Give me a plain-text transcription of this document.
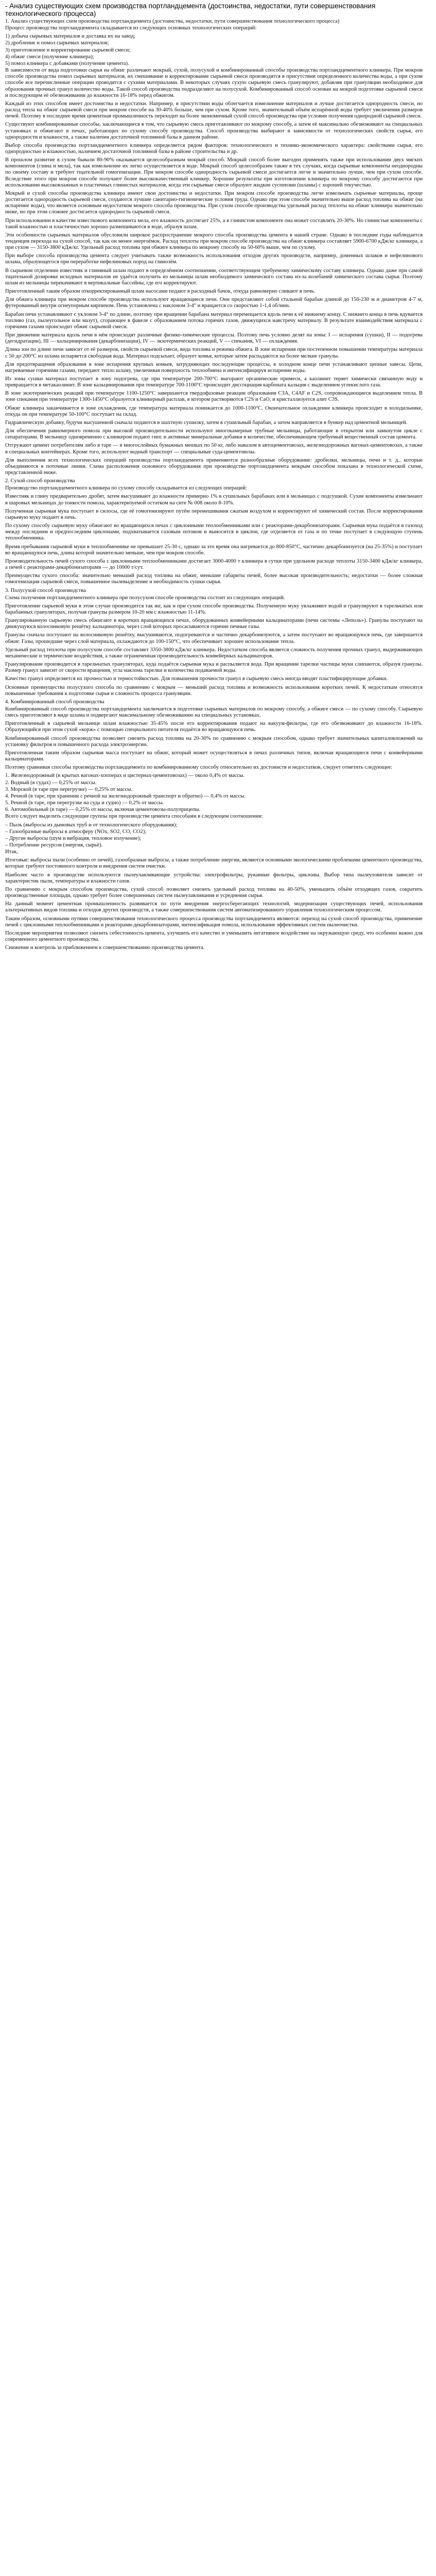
- Анализ существующих схем производства портландцемента (достоинства, недостатки, пути совершенствования технологического процесса)
1. Анализ существующих схем производства портландцемента (достоинства, недостатки, пути совершенствования технологического процесса)
Процесс производства портландцемента складывается из следующих основных технологических операций:
1) добыча сырьевых материалов и доставка их на завод;
2) дробление и помол сырьевых материалов;
3) приготовление и корректирование сырьевой смеси;
4) обжиг смеси (получение клинкера);
5) помол клинкера с добавками (получение цемента).
В зависимости от вида подготовки сырья на обжиг различают мокрый, сухой, полусухой и комбинированный способы производства портландцементного клинкера. При мокром способе производства помол сырьевых материалов, их смешивание и корректирование сырьевой смеси производятся в присутствии определенного количества воды, а при сухом способе все перечисленные операции проводятся с сухими материалами. В некоторых случаях сухую сырьевую смесь гранулируют, добавляя при грануляции необходимое для образования прочных гранул количество воды. Такой способ производства подразделяют на полусухой. Комбинированный способ основан на мокрой подготовке сырьевой смеси и последующем её обезвоживании до влажности 16-18% перед обжигом.
Каждый из этих способов имеет достоинства и недостатки. Например, в присутствии воды облегчается измельчение материалов и лучше достигается однородность смеси, но расход тепла на обжиг сырьевой смеси при мокром способе на 30-40% больше, чем при сухом. Кроме того, значительный объём испарённой воды требует увеличения размеров печей. Поэтому в последнее время цементная промышленность переходит на более экономичный сухой способ производства при условии получения однородной сырьевой смеси.
Существуют комбинированные способы, заключающиеся в том, что сырьевую смесь приготавливают по мокрому способу, а затем её максимально обезвоживают на специальных установках и обжигают в печах, работающих по сухому способу производства. Способ производства выбирают в зависимости от технологических свойств сырья, его однородности и влажности, а также наличия достаточной топливной базы в данном районе.
Выбор способа производства портландцементного клинкера определяется рядом факторов: технологического и технико-экономического характера: свойствами сырья, его однородностью и влажностью, наличием достаточной топливной базы в районе строительства и др.
В прошлом развитие в сухом бывали 80-90% оказывается целесообразным мокрый способ. Мокрый способ более выгоден применять также при использовании двух мягких компонентов (глина и мела), так как измельчение их легко осуществляется в воде. Мокрый способ целесообразен также в тех случаях, когда сырьевые компоненты неоднородны по своему составу и требуют тщательной гомогенизации. При мокром способе однородность сырьевой смеси достигается легче и значительно лучше, чем при сухом способе. Вследствие этого при мокром способе получают более высококачественный клинкер. Хорошие результаты при изготовлении клинкера по мокрому способу достигаются при использовании высоковлажных и пластичных глинистых материалов, когда эти сырьевые смеси образуют жидкие суспензии (шламы) с хорошей текучестью.
Мокрый и сухой способы производства клинкера имеют свои достоинства и недостатки. При мокром способе производства легче измельчать сырьевые материалы, проще достигается однородность сырьевой смеси, создаются лучшие санитарно-гигиенические условия труда. Однако при этом способе значительно выше расход топлива на обжиг (на испарение воды), что является основным недостатком мокрого способа производства. При сухом способе производства удельный расход теплоты на обжиг клинкера значительно ниже, но при этом сложнее достигается однородность сырьевой смеси.
При использовании в качестве известкового компонента мела, его влажность достигает 25%, а в глинистом компоненте она может составлять 20-30%. Но глинистые компоненты с такой влажностью и пластичностью хорошо размешиваются в воде, образуя шлам.
Эти особенности сырьевых материалов обусловили широкое распространение мокрого способа производства цемента в нашей стране. Однако в последние годы наблюдается тенденция перехода на сухой способ, так как он менее энергоёмок. Расход теплоты при мокром способе производства на обжиг клинкера составляет 5900-6700 кДж/кг клинкера, а при сухом — 3150-3800 кДж/кг. Удельный расход топлива при обжиге клинкера по мокрому способу на 50-60% выше, чем по сухому.
При выборе способа производства цемента следует учитывать также возможность использования отходов других производств, например, доменных шлаков и нефелинового шлама, образующегося при переработке нефелиновых пород на глинозём.
В сырьевом отделении известняк и глиняный шлам подают в определённом соотношении, соответствующем требуемому химическому составу клинкера. Однако даже при самой тщательной дозировке исходных материалов не удаётся получить из мельницы шлам необходимого химического состава из-за колебаний химического состава сырья. Поэтому шлам из мельницы перекачивают в вертикальные бассейны, где его корректируют.
Приготовленный таким образом откорректированный шлам насосами подают в расходный бачок, откуда равномерно сливают в печь.
Для обжига клинкера при мокром способе производства используют вращающиеся печи. Они представляют собой стальной барабан длиной до 150-230 м и диаметром 4-7 м, футерованный внутри огнеупорным кирпичом. Печь установлена с наклоном 3-4° и вращается со скоростью 1-1,4 об/мин.
Барабан печи устанавливают с уклоном 3-4° по длине, поэтому при вращении барабана материал перемещается вдоль печи к её нижнему концу. С нижнего конца в печь вдувается топливо (газ, пылеугольное или мазут), сгорающее в факеле с образованием потока горячих газов, движущихся навстречу материалу. В результате взаимодействия материала с горячими газами происходит обжиг сырьевой смеси.
При движении материала вдоль печи в нём происходят различные физико-химические процессы. Поэтому печь условно делят на зоны: I — испарения (сушки), II — подогрева (дегидратации), III — кальцинирования (декарбонизации), IV — экзотермических реакций, V — спекания, VI — охлаждения.
Длина зон по длине печи зависит от её размеров, свойств сырьевой смеси, вида топлива и режима обжига. В зоне испарения при постепенном повышении температуры материала с 50 до 200°С из шлама испаряется свободная вода. Материал подсыхает, образует комья, которые затем распадаются на более мелкие гранулы.
Для предотвращения образования в зоне испарения крупных комьев, затрудняющих последующие процессы, в холодном конце печи устанавливают цепные завесы. Цепи, нагреваемые горячими газами, передают тепло шламу, увеличивая поверхность теплообмена и интенсифицируя испарение воды.
Из зоны сушки материал поступает в зону подогрева, где при температуре 200-700°С выгорают органические примеси, а каолинит теряет химически связанную воду и превращается в метакаолинит. В зоне кальцинирования при температуре 700-1100°С происходит диссоциация карбоната кальция с выделением углекислого газа.
В зоне экзотермических реакций при температуре 1100-1250°С завершаются твердофазовые реакции образования C3A, C4AF и C2S, сопровождающиеся выделением тепла. В зоне спекания при температуре 1300-1450°С образуется клинкерный расплав, в котором растворяются C2S и CaO, и кристаллизуется алит C3S.
Обжиг клинкера заканчивается в зоне охлаждения, где температура материала понижается до 1000-1100°С. Окончательное охлаждение клинкера происходит в холодильнике, откуда он при температуре 50-100°С поступает на склад.
Гидравлическую добавку, будучи высушенной сначала подаются в шахтную сушилку, затем в сушильный барабан, а затем направляется в бункер над цементной мельницей.
Для обеспечения равномерного помола при высокой производительности используют многокамерные трубные мельницы, работающие в открытом или замкнутом цикле с сепараторами. В мельницу одновременно с клинкером подают гипс и активные минеральные добавки в количестве, обеспечивающем требуемый вещественный состав цемента.
Отгружают цемент потребителям либо в таре — в многослойных бумажных мешках по 50 кг, либо навалом в автоцементовозах, железнодорожных вагонах-цементовозах, а также в специальных контейнерах. Кроме того, используют водный транспорт — специальные суда-цементовозы.
Для выполнения всех технологических операций производства портландцемента применяются разнообразные оборудование: дробилки, мельницы, печи и т. д., которые объединяются в поточные линии. Схема расположения основного оборудования при производстве портландцемента мокрым способом показана в технологической схеме, представленной ниже.
2. Сухой способ производства
Производство портландцементного клинкера по сухому способу складывается из следующих операций:
Известняк и глину предварительно дробят, затем высушивают до влажности примерно 1% в сушильных барабанах или в мельницах с подсушкой. Сухие компоненты измельчают в шаровых мельницах до тонкости помола, характеризуемой остатком на сите № 008 около 8-10%.
Полученная сырьевая мука поступает в силосы, где её гомогенизируют путём перемешивания сжатым воздухом и корректируют её химический состав. После корректирования сырьевую муку подают в печь.
По сухому способу сырьевую муку обжигают во вращающихся печах с циклонными теплообменниками или с реакторами-декарбонизаторами. Сырьевая мука подаётся в газоход между последним и предпоследним циклонами, подхватывается газовым потоком и выносится в циклон, где отделяется от газа и по течке поступает в следующую ступень теплообменника.
Время пребывания сырьевой муки в теплообменнике не превышает 25-30 с, однако за это время она нагревается до 800-850°С, частично декарбонизуется (на 25-35%) и поступает во вращающуюся печь, длина которой значительно меньше, чем при мокром способе.
Производительность печей сухого способа с циклонными теплообменниками достигает 3000-4000 т клинкера в сутки при удельном расходе теплоты 3150-3400 кДж/кг клинкера, а печей с реакторами-декарбонизаторами — до 10000 т/сут.
Преимущества сухого способа: значительно меньший расход топлива на обжиг, меньшие габариты печей, более высокая производительность; недостатки — более сложная гомогенизация сырьевой смеси, повышенное пылевыделение и необходимость сушки сырья.
3. Полусухой способ производства
Схема получения портландцементного клинкера при полусухом способе производства состоит из следующих операций.
Приготовление сырьевой муки в этом случае производится так же, как и при сухом способе производства. Полученную муку увлажняют водой и гранулируют в тарельчатых или барабанных грануляторах, получая гранулы размером 10-20 мм с влажностью 11-14%.
Гранулированную сырьевую смесь обжигают в коротких вращающихся печах, оборудованных конвейерными кальцинаторами (печи системы «Леполь»). Гранулы поступают на движущуюся колосниковую решётку кальцинатора, через слой которых просасываются горячие печные газы.
Гранулы сначала поступают на колосниковую решётку, высушиваются, подогреваются и частично декарбонизуются, а затем поступают во вращающуюся печь, где завершается обжиг. Газы, прошедшие через слой материала, охлаждаются до 100-150°С, что обеспечивает хорошее использование тепла.
Удельный расход теплоты при полусухом способе составляет 3350-3800 кДж/кг клинкера. Недостатком способа является сложность получения прочных гранул, выдерживающих механические и термические воздействия, а также ограниченная производительность конвейерных кальцинаторов.
Гранулирование производится в тарельчатых грануляторах, куда подаётся сырьевая мука и распыляется вода. При вращении тарелки частицы муки слипаются, образуя гранулы. Размер гранул зависит от скорости вращения, угла наклона тарелки и количества подаваемой воды.
Качество гранул определяется их прочностью и термостойкостью. Для повышения прочности гранул в сырьевую смесь иногда вводят пластифицирующие добавки.
Основные преимущества полусухого способа по сравнению с мокрым — меньший расход топлива и возможность использования коротких печей. К недостаткам относятся повышенные требования к подготовке сырья и сложность процесса грануляции.
4. Комбинированный способ производства
Комбинированный способ производства портландцемента заключается в подготовке сырьевых материалов по мокрому способу, а обжиге смеси — по сухому способу. Сырьевую смесь приготовляют в виде шлама и подвергают максимальному обезвоживанию на специальных установках.
Приготовленный в сырьевой мельнице шлам влажностью 35-45% после его корректирования подают на вакуум-фильтры, где его обезвоживают до влажности 16-18%. Образующийся при этом сухой «корж» с помощью специального питателя подаётся во вращающуюся печь.
Комбинированный способ производства позволяет снизить расход топлива на 20-30% по сравнению с мокрым способом, однако требует значительных капиталовложений на установку фильтров и повышенного расхода электроэнергии.
Приготовленная таким образом сырьевая масса поступает на обжиг, который может осуществляться в печах различных типов, включая вращающиеся печи с конвейерными кальцинаторами.
Поэтому сравнивая способы производства портландцемента по комбинированному способу относительно их достоинств и недостатков, следует отметить следующее:
1. Железнодорожный (в крытых вагонах-хопперах и цистернах-цементовозах) — около 0,4% от массы.
2. Водный (в судах) — 0,25% от массы.
3. Морской (в таре при перегрузке) — 0,25% от массы.
4. Речной (в таре, при хранении с речной на железнодорожный транспорт и обратно) — 0,4% от массы.
5. Речной (в таре, при перегрузке на суда и судно) — 0,2% от массы.
6. Автомобильный (в таре) — 0,25% от массы, включая цементовозы-полуприцепы.
Всего следует выделить следующие группы при производстве цемента способами в следующем соотношении:
– Пыль (выбросы из дымовых труб и от технологического оборудования);
– Газообразные выбросы в атмосферу (NOx, SO2, CO, CO2);
– Другие выбросы (шум и вибрация, тепловое излучение);
– Потребление ресурсов (энергия, сырьё).
Итак,
Итоговые: выбросы пыли (особенно от печей), газообразные выбросы, а также потребление энергии, являются основными экологическими проблемами цементного производства, которые требуют постоянного контроля и внедрения систем очистки.
Наиболее часто в производстве используются пылеулавливающие устройства: электрофильтры, рукавные фильтры, циклоны. Выбор типа пылеуловителя зависит от характеристик пыли, температуры и влажности газов.
По сравнению с мокрым способом производства, сухой способ позволяет снизить удельный расход топлива на 40-50%, уменьшить объём отходящих газов, сократить производственные площади, однако требует более совершенных систем пылеулавливания и усреднения сырья.
На данный момент цементная промышленность развивается по пути внедрения энергосберегающих технологий, модернизации существующих печей, использования альтернативных видов топлива и отходов других производств, а также совершенствования систем автоматизированного управления технологическим процессом.
Таким образом, основными путями совершенствования технологического процесса производства портландцемента являются: переход на сухой способ производства, применение печей с циклонными теплообменниками и реакторами-декарбонизаторами, интенсификация помола, использование эффективных систем пылеочистки.
Последние мероприятия позволяют снизить себестоимость цемента, улучшить его качество и уменьшить негативное воздействие на окружающую среду, что особенно важно для современного цементного производства.
Снижение и контроль за приближением к совершенствованию производства цемента.
